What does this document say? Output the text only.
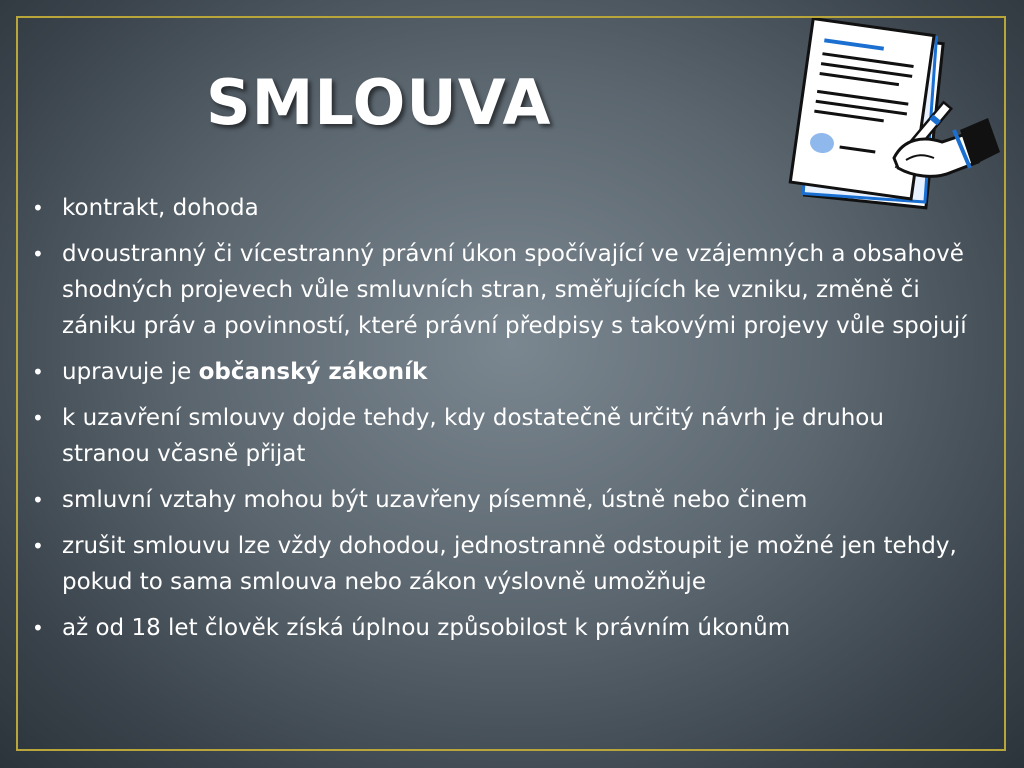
SMLOUVA
• kontrakt, dohoda
• dvoustranný či vícestranný právní úkon spočívající ve vzájemných a obsahově shodných projevech vůle smluvních stran, směřujících ke vzniku, změně či zániku práv a povinností, které právní předpisy s takovými projevy vůle spojují
• upravuje je občanský zákoník
• k uzavření smlouvy dojde tehdy, kdy dostatečně určitý návrh je druhou stranou včasně přijat
• smluvní vztahy mohou být uzavřeny písemně, ústně nebo činem
• zrušit smlouvu lze vždy dohodou, jednostranně odstoupit je možné jen tehdy, pokud to sama smlouva nebo zákon výslovně umožňuje
• až od 18 let člověk získá úplnou způsobilost k právním úkonům
